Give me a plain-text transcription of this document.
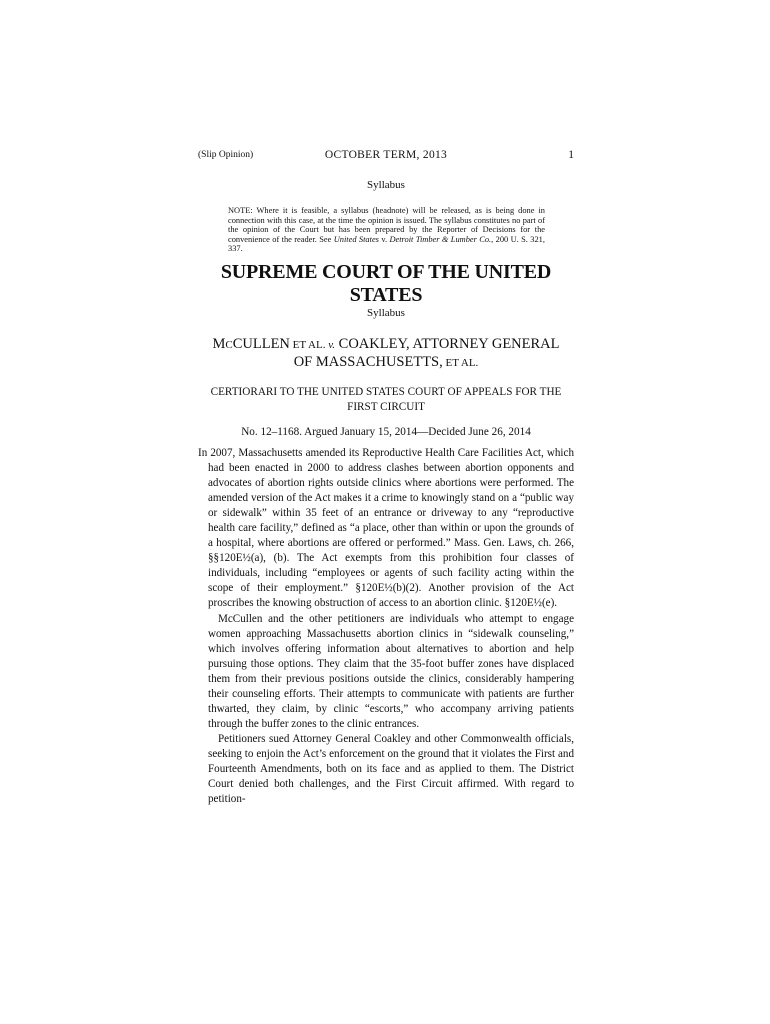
(Slip Opinion)	OCTOBER TERM, 2013	1
Syllabus
NOTE: Where it is feasible, a syllabus (headnote) will be released, as is being done in connection with this case, at the time the opinion is issued. The syllabus constitutes no part of the opinion of the Court but has been prepared by the Reporter of Decisions for the convenience of the reader. See United States v. Detroit Timber & Lumber Co., 200 U. S. 321, 337.
SUPREME COURT OF THE UNITED STATES
Syllabus
MCCULLEN ET AL. v. COAKLEY, ATTORNEY GENERAL
OF MASSACHUSETTS, ET AL.
CERTIORARI TO THE UNITED STATES COURT OF APPEALS FOR THE FIRST CIRCUIT
No. 12–1168. Argued January 15, 2014—Decided June 26, 2014

In 2007, Massachusetts amended its Reproductive Health Care Facilities Act, which had been enacted in 2000 to address clashes between abortion opponents and advocates of abortion rights outside clinics where abortions were performed. The amended version of the Act makes it a crime to knowingly stand on a “public way or sidewalk” within 35 feet of an entrance or driveway to any “reproductive health care facility,” defined as “a place, other than within or upon the grounds of a hospital, where abortions are offered or performed.” Mass. Gen. Laws, ch. 266, §§120E½(a), (b). The Act exempts from this prohibition four classes of individuals, including “employees or agents of such facility acting within the scope of their employment.” §120E½(b)(2). Another provision of the Act proscribes the knowing obstruction of access to an abortion clinic. §120E½(e).

McCullen and the other petitioners are individuals who attempt to engage women approaching Massachusetts abortion clinics in “sidewalk counseling,” which involves offering information about alternatives to abortion and help pursuing those options. They claim that the 35-foot buffer zones have displaced them from their previous positions outside the clinics, considerably hampering their counseling efforts. Their attempts to communicate with patients are further thwarted, they claim, by clinic “escorts,” who accompany arriving patients through the buffer zones to the clinic entrances.

Petitioners sued Attorney General Coakley and other Commonwealth officials, seeking to enjoin the Act’s enforcement on the ground that it violates the First and Fourteenth Amendments, both on its face and as applied to them. The District Court denied both challenges, and the First Circuit affirmed. With regard to petition-
